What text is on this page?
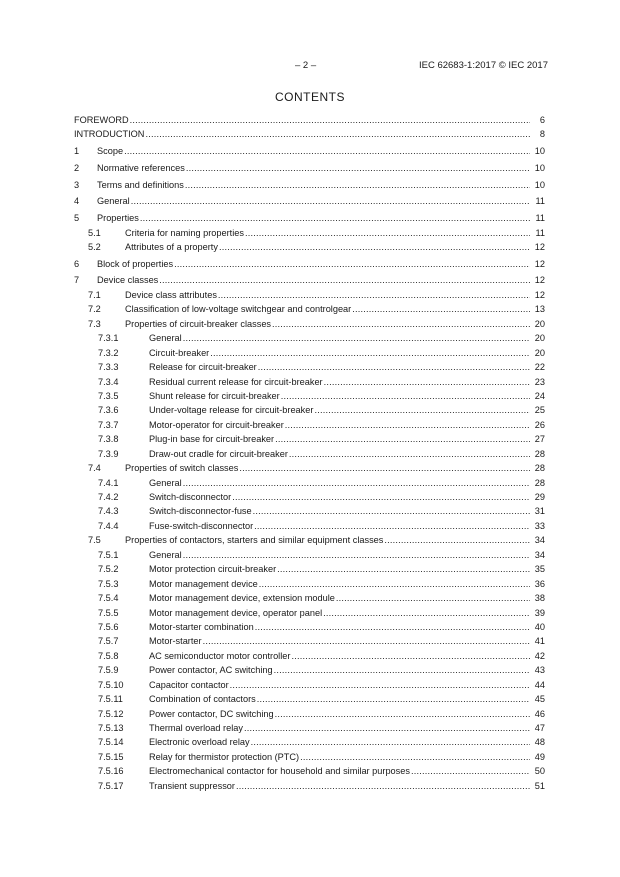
– 2 –	IEC 62683-1:2017 © IEC 2017
CONTENTS
FOREWORD .....	6
INTRODUCTION .....	8
1	Scope .....	10
2	Normative references .....	10
3	Terms and definitions .....	10
4	General .....	11
5	Properties .....	11
5.1	Criteria for naming properties .....	11
5.2	Attributes of a property .....	12
6	Block of properties .....	12
7	Device classes .....	12
7.1	Device class attributes .....	12
7.2	Classification of low-voltage switchgear and controlgear .....	13
7.3	Properties of circuit-breaker classes .....	20
7.3.1	General .....	20
7.3.2	Circuit-breaker .....	20
7.3.3	Release for circuit-breaker .....	22
7.3.4	Residual current release for circuit-breaker .....	23
7.3.5	Shunt release for circuit-breaker .....	24
7.3.6	Under-voltage release for circuit-breaker .....	25
7.3.7	Motor-operator for circuit-breaker .....	26
7.3.8	Plug-in base for circuit-breaker .....	27
7.3.9	Draw-out cradle for circuit-breaker .....	28
7.4	Properties of switch classes .....	28
7.4.1	General .....	28
7.4.2	Switch-disconnector .....	29
7.4.3	Switch-disconnector-fuse .....	31
7.4.4	Fuse-switch-disconnector .....	33
7.5	Properties of contactors, starters and similar equipment classes .....	34
7.5.1	General .....	34
7.5.2	Motor protection circuit-breaker .....	35
7.5.3	Motor management device .....	36
7.5.4	Motor management device, extension module .....	38
7.5.5	Motor management device, operator panel .....	39
7.5.6	Motor-starter combination .....	40
7.5.7	Motor-starter .....	41
7.5.8	AC semiconductor motor controller .....	42
7.5.9	Power contactor, AC switching .....	43
7.5.10	Capacitor contactor .....	44
7.5.11	Combination of contactors .....	45
7.5.12	Power contactor, DC switching .....	46
7.5.13	Thermal overload relay .....	47
7.5.14	Electronic overload relay .....	48
7.5.15	Relay for thermistor protection (PTC) .....	49
7.5.16	Electromechanical contactor for household and similar purposes .....	50
7.5.17	Transient suppressor .....	51
